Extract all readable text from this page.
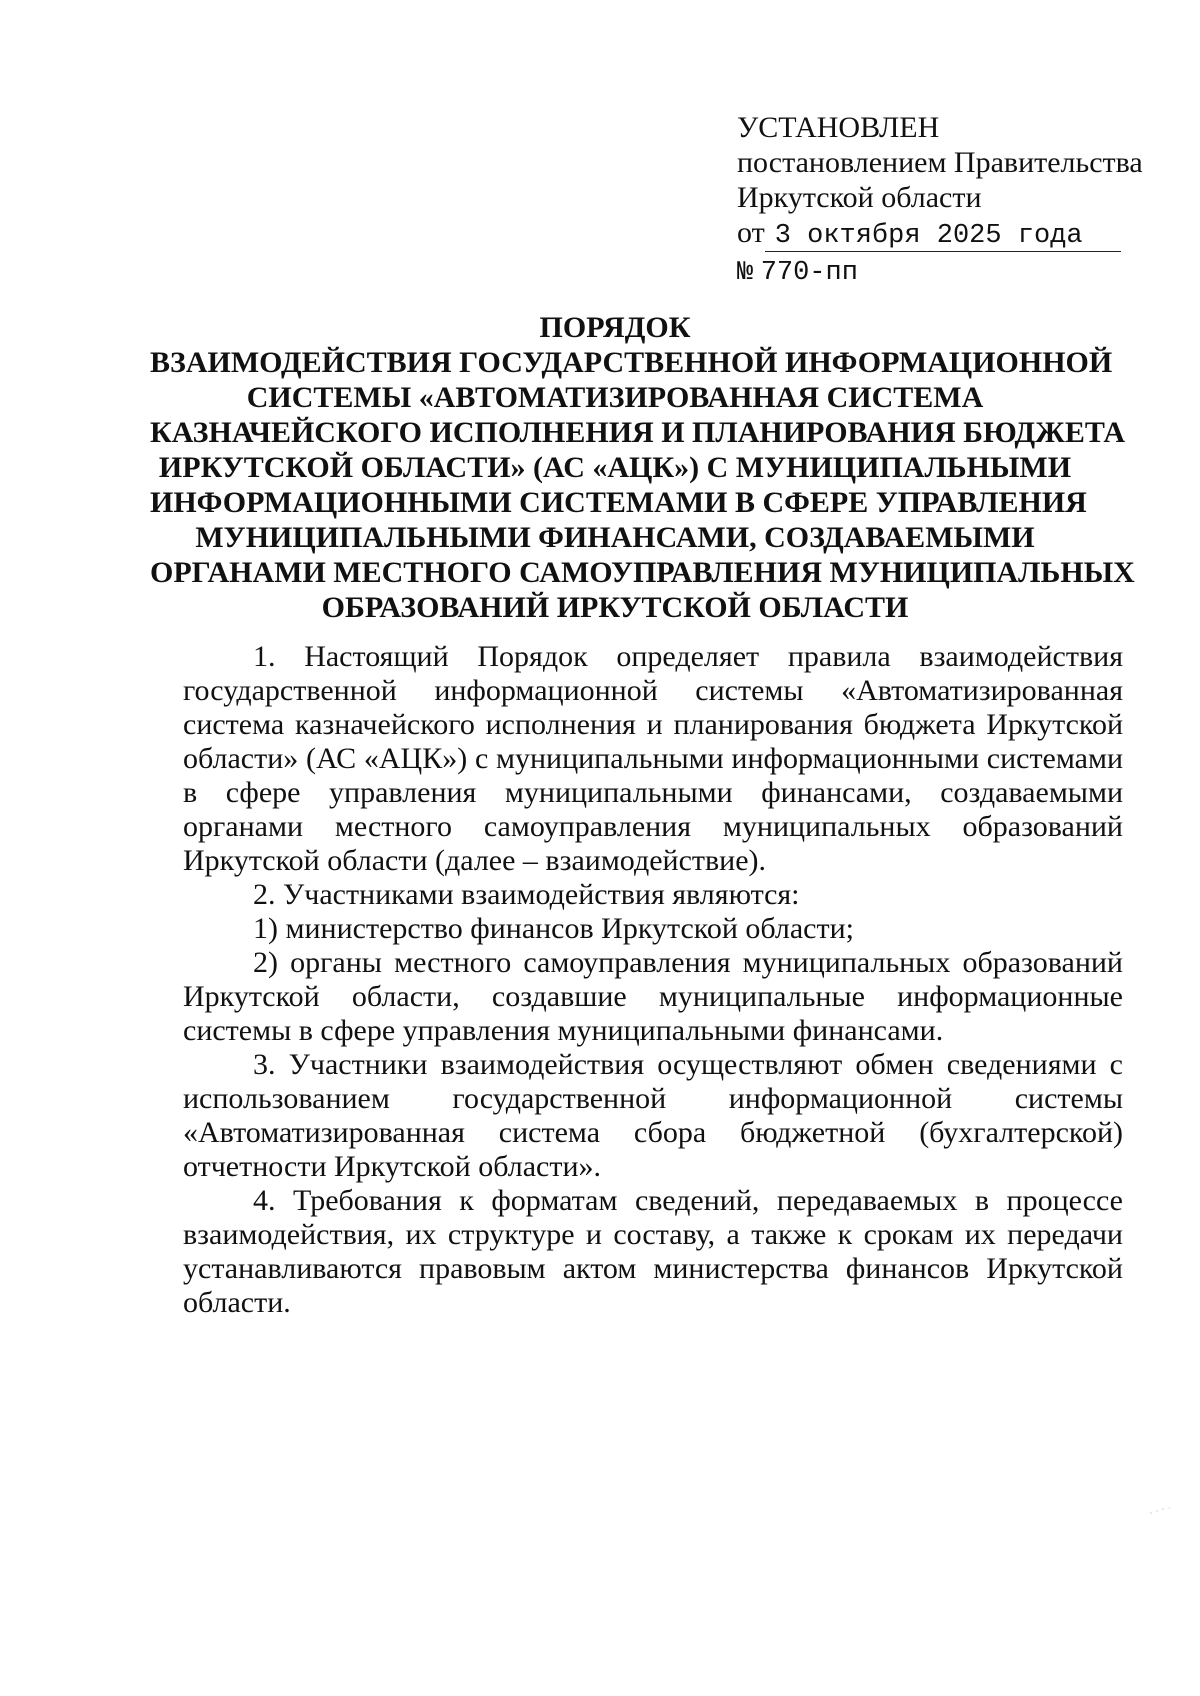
УСТАНОВЛЕН
постановлением Правительства
Иркутской области
от 3 октября 2025 года
№ 770-пп
ПОРЯДОК
ВЗАИМОДЕЙСТВИЯ ГОСУДАРСТВЕННОЙ ИНФОРМАЦИОННОЙ
СИСТЕМЫ «АВТОМАТИЗИРОВАННАЯ СИСТЕМА
КАЗНАЧЕЙСКОГО ИСПОЛНЕНИЯ И ПЛАНИРОВАНИЯ БЮДЖЕТА
ИРКУТСКОЙ ОБЛАСТИ» (АС «АЦК») С МУНИЦИПАЛЬНЫМИ
ИНФОРМАЦИОННЫМИ СИСТЕМАМИ В СФЕРЕ УПРАВЛЕНИЯ
МУНИЦИПАЛЬНЫМИ ФИНАНСАМИ, СОЗДАВАЕМЫМИ
ОРГАНАМИ МЕСТНОГО САМОУПРАВЛЕНИЯ МУНИЦИПАЛЬНЫХ
ОБРАЗОВАНИЙ ИРКУТСКОЙ ОБЛАСТИ

1. Настоящий Порядок определяет правила взаимодействия государственной информационной системы «Автоматизированная система казначейского исполнения и планирования бюджета Иркутской области» (АС «АЦК») с муниципальными информационными системами в сфере управления муниципальными финансами, создаваемыми органами местного самоуправления муниципальных образований Иркутской области (далее – взаимодействие).

2. Участниками взаимодействия являются:

1) министерство финансов Иркутской области;

2) органы местного самоуправления муниципальных образований Иркутской области, создавшие муниципальные информационные системы в сфере управления муниципальными финансами.

3. Участники взаимодействия осуществляют обмен сведениями с использованием государственной информационной системы «Автоматизированная система сбора бюджетной (бухгалтерской) отчетности Иркутской области».

4. Требования к форматам сведений, передаваемых в процессе взаимодействия, их структуре и составу, а также к срокам их передачи устанавливаются правовым актом министерства финансов Иркутской области.
